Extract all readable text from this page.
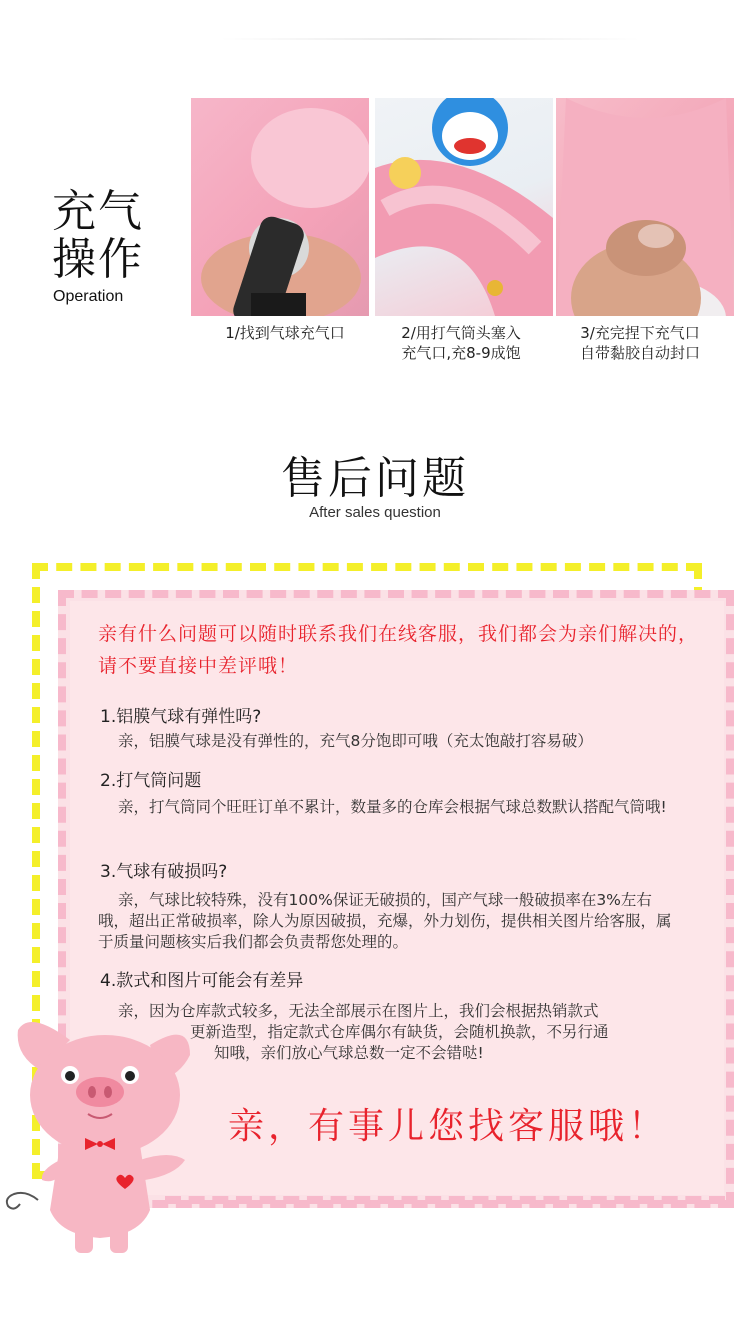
充气
操作
Operation
1/找到气球充气口	2/用打气筒头塞入
充气口,充8-9成饱
3/充完捏下充气口
自带黏胶自动封口
售后问题
After sales question
亲有什么问题可以随时联系我们在线客服，我们都会为亲们解决的，请不要直接中差评哦！
1.铝膜气球有弹性吗?
亲，铝膜气球是没有弹性的，充气8分饱即可哦（充太饱敲打容易破）
2.打气筒问题
亲，打气筒同个旺旺订单不累计，数量多的仓库会根据气球总数默认搭配气筒哦!
3.气球有破损吗?
亲，气球比较特殊，没有100%保证无破损的，国产气球一般破损率在3%左右哦，超出正常破损率，除人为原因破损，充爆，外力划伤，提供相关图片给客服，属于质量问题核实后我们都会负责帮您处理的。
4.款式和图片可能会有差异
亲，因为仓库款式较多，无法全部展示在图片上，我们会根据热销款式
更新造型，指定款式仓库偶尔有缺货，会随机换款，不另行通
知哦，亲们放心气球总数一定不会错哒!
亲，有事儿您找客服哦！
